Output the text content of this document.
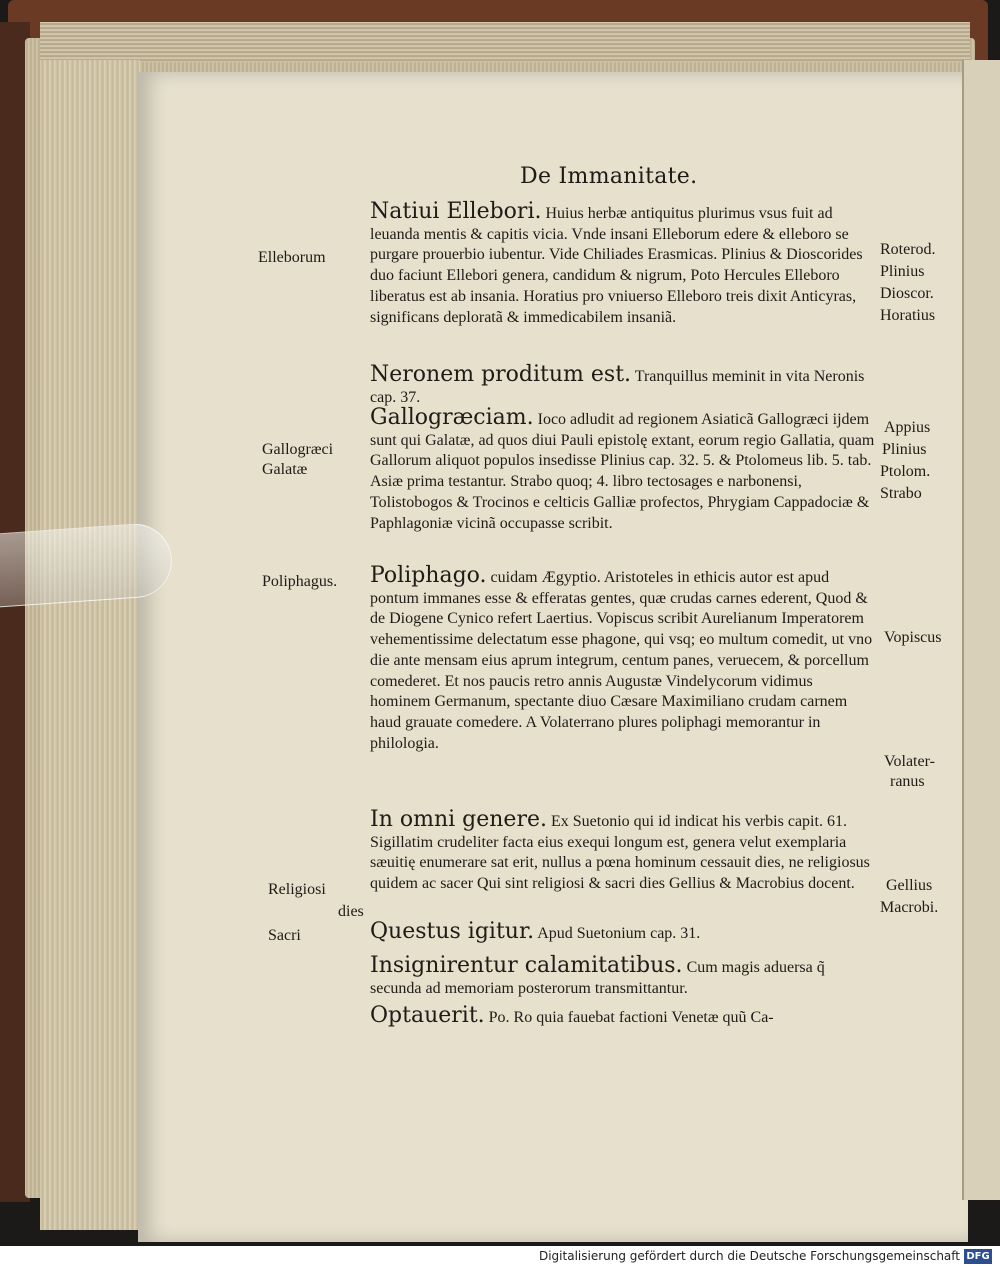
De Immanitate.

Natiui Ellebori. Huius herbæ antiquitus plurimus vsus fuit ad leuanda mentis & capitis vicia. Vnde insani Elleborum edere & elleboro se purgare prouerbio iubentur. Vide Chiliades Erasmicas. Plinius & Dioscorides duo faciunt Ellebori genera, candidum & nigrum, Poto Hercules Elleboro liberatus est ab insania. Horatius pro vniuerso Elleboro treis dixit Anticyras, significans deploratã & immedicabilem insaniã.

Neronem proditum est. Tranquillus meminit in vita Neronis cap. 37.

Gallogræciam. Ioco adludit ad regionem Asiaticã Gallogræci ijdem sunt qui Galatæ, ad quos diui Pauli epistolę extant, eorum regio Gallatia, quam Gallorum aliquot populos insedisse Plinius cap. 32. 5. & Ptolomeus lib. 5. tab. Asiæ prima testantur. Strabo quoq; 4. libro tectosages e narbonensi, Tolistobogos & Trocinos e celticis Galliæ profectos, Phrygiam Cappadociæ & Paphlagoniæ vicinã occupasse scribit.

Poliphago. cuidam Ægyptio. Aristoteles in ethicis autor est apud pontum immanes esse & efferatas gentes, quæ crudas carnes ederent, Quod & de Diogene Cynico refert Laertius. Vopiscus scribit Aurelianum Imperatorem vehementissime delectatum esse phagone, qui vsq; eo multum comedit, ut vno die ante mensam eius aprum integrum, centum panes, veruecem, & porcellum comederet. Et nos paucis retro annis Augustæ Vindelycorum vidimus hominem Germanum, spectante diuo Cæsare Maximiliano crudam carnem haud grauate comedere. A Volaterrano plures poliphagi memorantur in philologia.

In omni genere. Ex Suetonio qui id indicat his verbis capit. 61. Sigillatim crudeliter facta eius exequi longum est, genera velut exemplaria sæuitię enumerare sat erit, nullus a pœna hominum cessauit dies, ne religiosus quidem ac sacer Qui sint religiosi & sacri dies Gellius & Macrobius docent.

Questus igitur. Apud Suetonium cap. 31.

Insignirentur calamitatibus. Cum magis aduersa q̃ secunda ad memoriam posterorum transmittantur.

Optauerit. Po. Ro quia fauebat factioni Venetæ quũ Ca-

Elleborum
Gallogræci
Galatæ
Poliphagus.
Religiosi
dies
Sacri
Roterod.
Plinius
Dioscor.
Horatius
Appius
Plinius
Ptolom.
Strabo
Vopiscus
Volater-
ranus
Gellius
Macrobi.
Digitalisierung gefördert durch die Deutsche Forschungsgemeinschaft DFG
